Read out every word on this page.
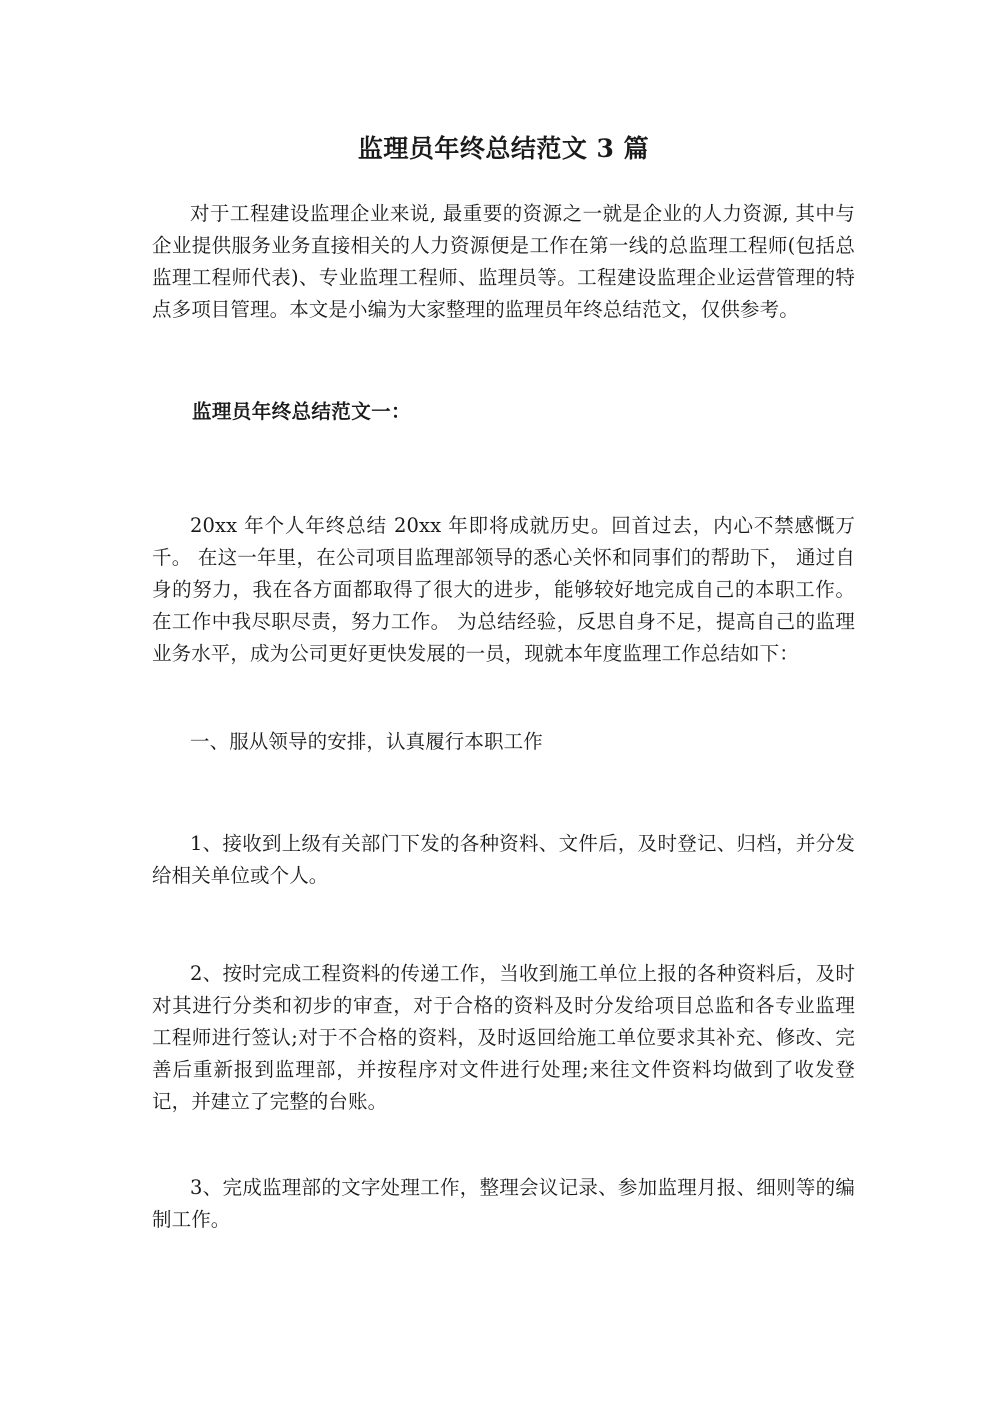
监理员年终总结范文 3 篇

对于工程建设监理企业来说, 最重要的资源之一就是企业的人力资源, 其中与企业提供服务业务直接相关的人力资源便是工作在第一线的总监理工程师(包括总监理工程师代表)、专业监理工程师、监理员等。工程建设监理企业运营管理的特点多项目管理。本文是小编为大家整理的监理员年终总结范文，仅供参考。

监理员年终总结范文一：

20xx 年个人年终总结 20xx 年即将成就历史。回首过去，内心不禁感慨万千。 在这一年里，在公司项目监理部领导的悉心关怀和同事们的帮助下， 通过自身的努力，我在各方面都取得了很大的进步，能够较好地完成自己的本职工作。 在工作中我尽职尽责，努力工作。 为总结经验，反思自身不足，提高自己的监理业务水平，成为公司更好更快发展的一员，现就本年度监理工作总结如下：

一、服从领导的安排，认真履行本职工作

1、接收到上级有关部门下发的各种资料、文件后，及时登记、归档，并分发给相关单位或个人。

2、按时完成工程资料的传递工作，当收到施工单位上报的各种资料后，及时对其进行分类和初步的审查，对于合格的资料及时分发给项目总监和各专业监理工程师进行签认;对于不合格的资料，及时返回给施工单位要求其补充、修改、完善后重新报到监理部，并按程序对文件进行处理;来往文件资料均做到了收发登记，并建立了完整的台账。

3、完成监理部的文字处理工作，整理会议记录、参加监理月报、细则等的编制工作。
